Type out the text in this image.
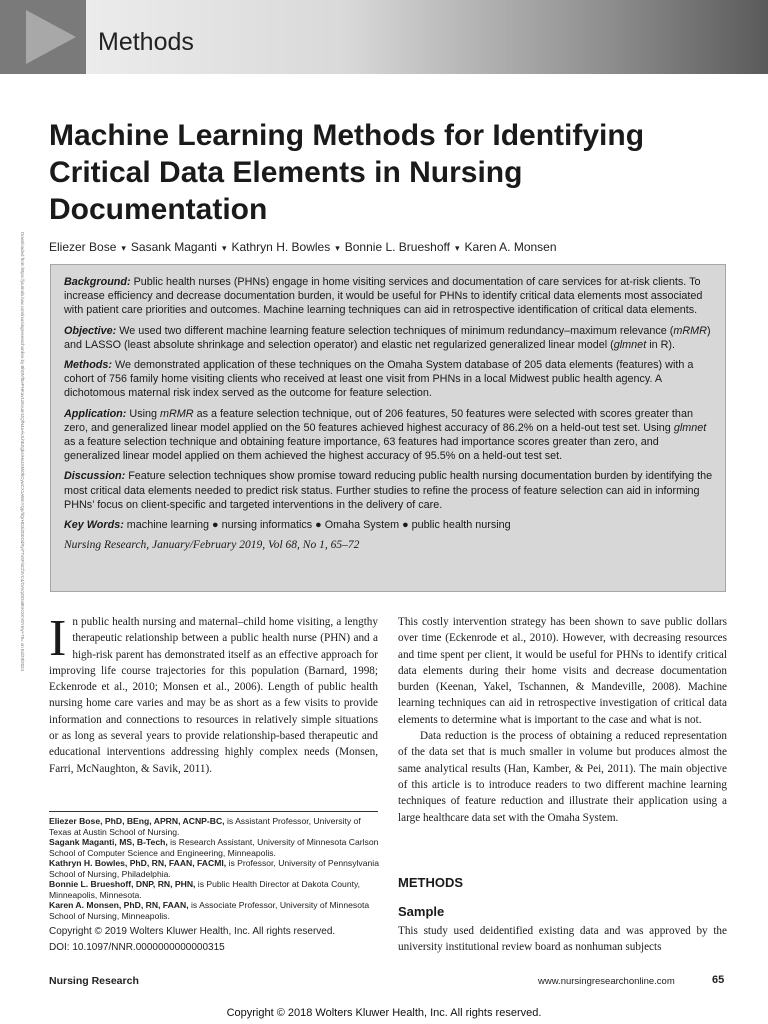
Methods
Machine Learning Methods for Identifying Critical Data Elements in Nursing Documentation
Downloaded from https://journals.lww.com/nursingresearchonline by BhDMf5ePHKav1zEoum1tQfN4a+kJLhEZgbsIHo4XMi0hCywCX1AWnYQp/IlQrHD3i3D0OdRyi7TvSFl4Cf3VC4/OAVpDDa8KKGKV0Ymy+78= on 04/29/2024 Eliezer Bose ▾ Sasank Maganti ▾ Kathryn H. Bowles ▾ Bonnie L. Brueshoff ▾ Karen A. Monsen

Background: Public health nurses (PHNs) engage in home visiting services and documentation of care services for at-risk clients. To increase efficiency and decrease documentation burden, it would be useful for PHNs to identify critical data elements most associated with patient care priorities and outcomes. Machine learning techniques can aid in retrospective identification of critical data elements.

Objective: We used two different machine learning feature selection techniques of minimum redundancy–maximum relevance (mRMR) and LASSO (least absolute shrinkage and selection operator) and elastic net regularized generalized linear model (glmnet in R).

Methods: We demonstrated application of these techniques on the Omaha System database of 205 data elements (features) with a cohort of 756 family home visiting clients who received at least one visit from PHNs in a local Midwest public health agency. A dichotomous maternal risk index served as the outcome for feature selection.

Application: Using mRMR as a feature selection technique, out of 206 features, 50 features were selected with scores greater than zero, and generalized linear model applied on the 50 features achieved highest accuracy of 86.2% on a held-out test set. Using glmnet as a feature selection technique and obtaining feature importance, 63 features had importance scores greater than zero, and generalized linear model applied on them achieved the highest accuracy of 95.5% on a held-out test set.

Discussion: Feature selection techniques show promise toward reducing public health nursing documentation burden by identifying the most critical data elements needed to predict risk status. Further studies to refine the process of feature selection can aid in informing PHNs’ focus on client-specific and targeted interventions in the delivery of care.

Key Words: machine learning ● nursing informatics ● Omaha System ● public health nursing

Nursing Research, January/February 2019, Vol 68, No 1, 65–72

In public health nursing and maternal–child home visiting, a lengthy therapeutic relationship between a public health nurse (PHN) and a high-risk parent has demonstrated itself as an effective approach for improving life course trajectories for this population (Barnard, 1998; Eckenrode et al., 2010; Monsen et al., 2006). Length of public health nursing home care varies and may be as short as a few visits to provide information and connections to resources in relatively simple situations or as long as several years to provide relationship-based therapeutic and educational interventions addressing highly complex needs (Monsen, Farri, McNaughton, & Savik, 2011).

Eliezer Bose, PhD, BEng, APRN, ACNP-BC, is Assistant Professor, University of Texas at Austin School of Nursing.

Sagank Maganti, MS, B-Tech, is Research Assistant, University of Minnesota Carlson School of Computer Science and Engineering, Minneapolis.

Kathryn H. Bowles, PhD, RN, FAAN, FACMI, is Professor, University of Pennsylvania School of Nursing, Philadelphia.

Bonnie L. Brueshoff, DNP, RN, PHN, is Public Health Director at Dakota County, Minneapolis, Minnesota.

Karen A. Monsen, PhD, RN, FAAN, is Associate Professor, University of Minnesota School of Nursing, Minneapolis.

Copyright © 2019 Wolters Kluwer Health, Inc. All rights reserved.
DOI: 10.1097/NNR.0000000000000315

This costly intervention strategy has been shown to save public dollars over time (Eckenrode et al., 2010). However, with decreasing resources and time spent per client, it would be useful for PHNs to identify critical data elements during their home visits and decrease documentation burden (Keenan, Yakel, Tschannen, & Mandeville, 2008). Machine learning techniques can aid in retrospective investigation of critical data elements to determine what is important to the case and what is not.

Data reduction is the process of obtaining a reduced representation of the data set that is much smaller in volume but produces almost the same analytical results (Han, Kamber, & Pei, 2011). The main objective of this article is to introduce readers to two different machine learning techniques of feature reduction and illustrate their application using a large healthcare data set with the Omaha System.

METHODS
Sample
This study used deidentified existing data and was approved by the university institutional review board as nonhuman subjects
Nursing Research	www.nursingresearchonline.com	65
Copyright © 2018 Wolters Kluwer Health, Inc. All rights reserved.
